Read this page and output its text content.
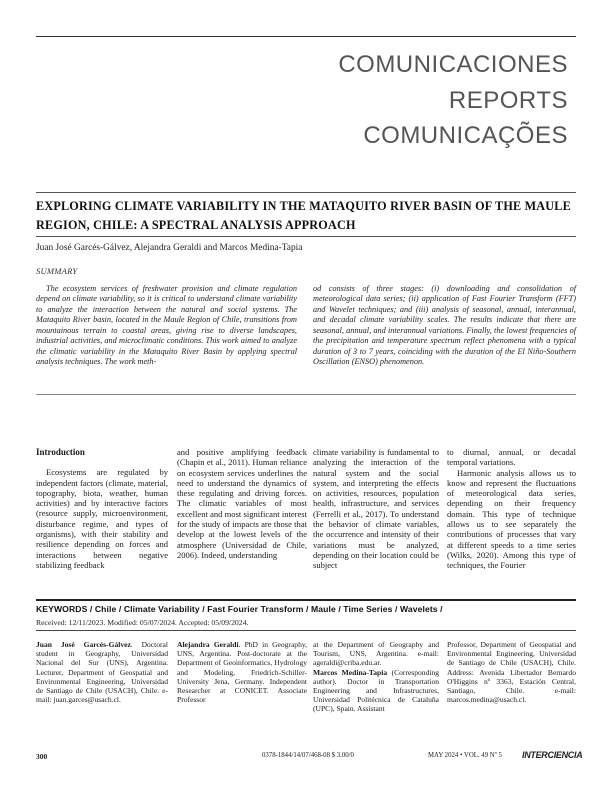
COMUNICACIONES
REPORTS
COMUNICAÇÕES
EXPLORING CLIMATE VARIABILITY IN THE MATAQUITO RIVER BASIN OF THE MAULE
REGION, CHILE: A SPECTRAL ANALYSIS APPROACH
Juan José Garcés-Gálvez, Alejandra Geraldi and Marcos Medina-Tapia
SUMMARY

The ecosystem services of freshwater provision and climate regulation depend on climate variability, so it is critical to understand climate variability to analyze the interaction between the natural and social systems. The Mataquito River basin, located in the Maule Region of Chile, transitions from mountainous terrain to coastal areas, giving rise to diverse landscapes, industrial activities, and microclimatic conditions. This work aimed to analyze the climatic variability in the Mataquito River Basin by applying spectral analysis techniques. The work meth-

od consists of three stages: (i) downloading and consolidation of meteorological data series; (ii) application of Fast Fourier Transform (FFT) and Wavelet techniques; and (iii) analysis of seasonal, annual, interannual, and decadal climate variability scales. The results indicate that there are seasonal, annual, and interannual variations. Finally, the lowest frequencies of the precipitation and temperature spectrum reflect phenomena with a typical duration of 3 to 7 years, coinciding with the duration of the El Niño-Southern Oscillation (ENSO) phenomenon.

Introduction

Ecosystems are regulated by independent factors (climate, material, topography, biota, weather, human activities) and by interactive factors (resource supply, microenvironment, disturbance regime, and types of organisms), with their stability and resilience depending on forces and interactions between negative stabilizing feedback

and positive amplifying feedback (Chapin et al., 2011). Human reliance on ecosystem services underlines the need to understand the dynamics of these regulating and driving forces. The climatic variables of most excellent and most significant interest for the study of impacts are those that develop at the lowest levels of the atmosphere (Universidad de Chile, 2006). Indeed, understanding

climate variability is fundamental to analyzing the interaction of the natural system and the social system, and interpreting the effects on activities, resources, population health, infrastructure, and services (Ferrelli et al., 2017). To understand the behavior of climate variables, the occurrence and intensity of their variations must be analyzed, depending on their location could be subject

to diurnal, annual, or decadal temporal variations.

Harmonic analysis allows us to know and represent the fluctuations of meteorological data series, depending on their frequency domain. This type of technique allows us to see separately the contributions of processes that vary at different speeds to a time series (Wilks, 2020). Among this type of techniques, the Fourier

KEYWORDS / Chile / Climate Variability / Fast Fourier Transform / Maule / Time Series / Wavelets /
Received: 12/11/2023. Modified: 05/07/2024. Accepted: 05/09/2024.

Juan José Garcés-Gálvez. Doctoral student in Geography, Universidad Nacional del Sur (UNS), Argentina. Lecturer, Department of Geospatial and Environmental Engineering, Universidad de Santiago de Chile (USACH), Chile. e-mail: juan.garces@usach.cl.

Alejandra Geraldi. PhD in Geography, UNS, Argentina. Post-doctorate at the Department of Geoinformatics, Hydrology and Modeling, Friedrich-Schiller-University Jena, Germany. Independent Researcher at CONICET. Associate Professor

at the Department of Geography and Tourism, UNS, Argentina. e-mail: ageraldi@criba.edu.ar.

Marcos Medina-Tapia (Corresponding author). Doctor in Transportation Engineering and Infrastructures, Universidad Politécnica de Cataluña (UPC), Spain. Assistant

Professor, Department of Geospatial and Environmental Engineering, Universidad de Santiago de Chile (USACH), Chile. Address: Avenida Libertador Bernardo O'Higgins nº 3363, Estación Central, Santiago, Chile. e-mail: marcos.medina@usach.cl.

300	0378-1844/14/07/468-08 $ 3.00/0	MAY 2024 • VOL. 49 Nº 5 INTERCIENCIA
